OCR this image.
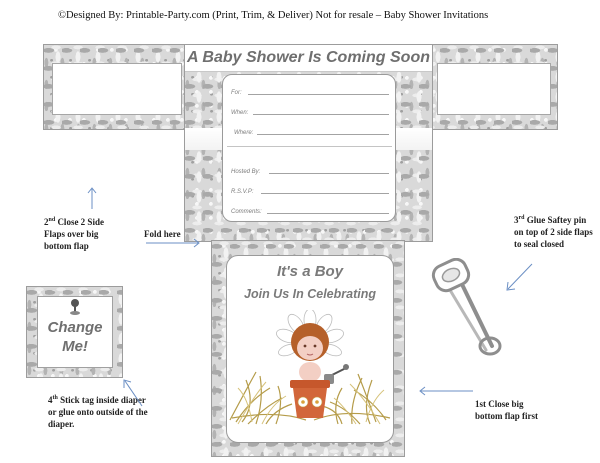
©Designed By: Printable-Party.com (Print, Trim, & Deliver) Not for resale – Baby Shower Invitations
A Baby Shower Is Coming Soon
For:
When:
Where:
Hosted By:
R.S.V.P:
Comments:
It's a Boy
Join Us In Celebrating
Change
Me!
2nd Close 2 Side Flaps over big bottom flap
Fold here
3rd Glue Saftey pin on top of 2 side flaps to seal closed
4th Stick tag inside diaper or glue onto outside of the diaper.
1st Close big bottom flap first
